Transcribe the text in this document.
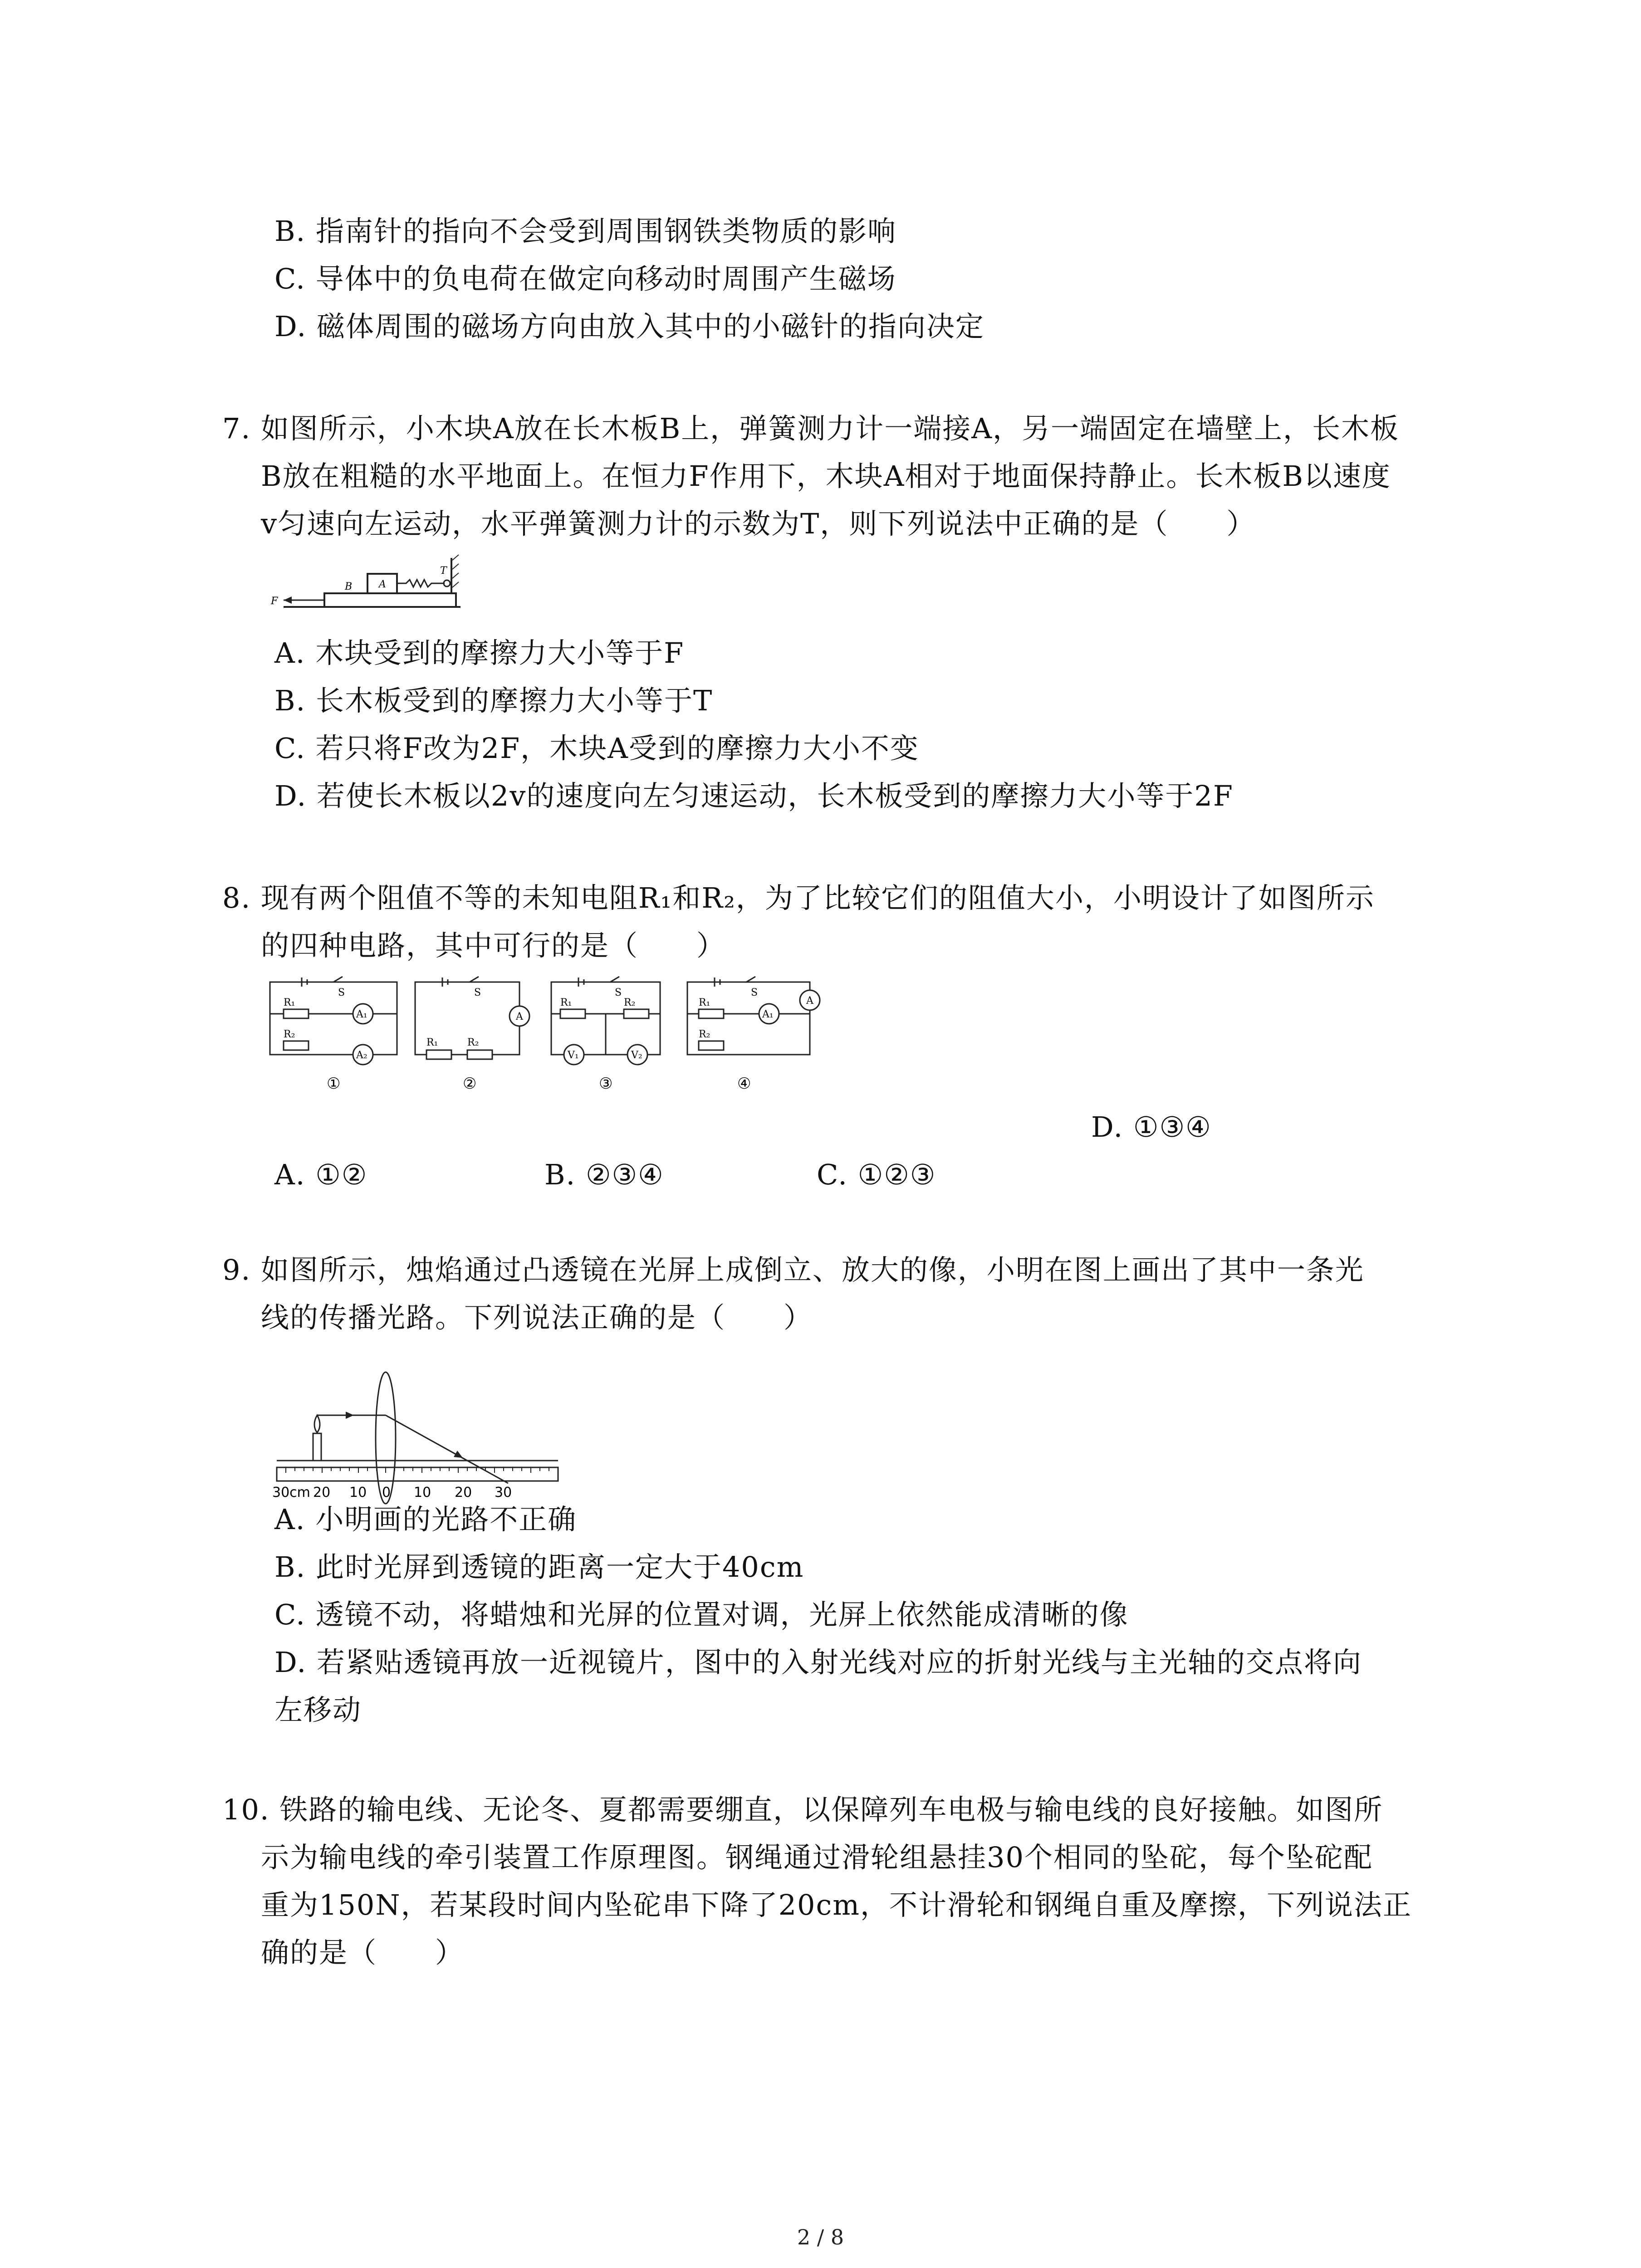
B. 指南针的指向不会受到周围钢铁类物质的影响
C. 导体中的负电荷在做定向移动时周围产生磁场
D. 磁体周围的磁场方向由放入其中的小磁针的指向决定
7. 如图所示，小木块A放在长木板B上，弹簧测力计一端接A，另一端固定在墙壁上，长木板
B放在粗糙的水平地面上。在恒力F作用下，木块A相对于地面保持静止。长木板B以速度
v匀速向左运动，水平弹簧测力计的示数为T，则下列说法中正确的是（　　）
B	A
T
F
A. 木块受到的摩擦力大小等于F
B. 长木板受到的摩擦力大小等于T
C. 若只将F改为2F，木块A受到的摩擦力大小不变
D. 若使长木板以2v的速度向左匀速运动，长木板受到的摩擦力大小等于2F
8. 现有两个阻值不等的未知电阻R₁和R₂，为了比较它们的阻值大小，小明设计了如图所示
的四种电路，其中可行的是（　　）
S
R₁
A₁
R₂
A₂
①
S
A
R₁	R₂
②
S
R₁	R₂
V₁	V₂
③
S
R₁
A₁
A
R₂
④
D. ①③④
A. ①②	B. ②③④	C. ①②③
9. 如图所示，烛焰通过凸透镜在光屏上成倒立、放大的像，小明在图上画出了其中一条光
线的传播光路。下列说法正确的是（　　）
30cm 20 10 0 10 20 30
A. 小明画的光路不正确
B. 此时光屏到透镜的距离一定大于40cm
C. 透镜不动，将蜡烛和光屏的位置对调，光屏上依然能成清晰的像
D. 若紧贴透镜再放一近视镜片，图中的入射光线对应的折射光线与主光轴的交点将向
左移动
10. 铁路的输电线、无论冬、夏都需要绷直，以保障列车电极与输电线的良好接触。如图所
示为输电线的牵引装置工作原理图。钢绳通过滑轮组悬挂30个相同的坠砣，每个坠砣配
重为150N，若某段时间内坠砣串下降了20cm，不计滑轮和钢绳自重及摩擦，下列说法正
确的是（　　）
2 / 8
